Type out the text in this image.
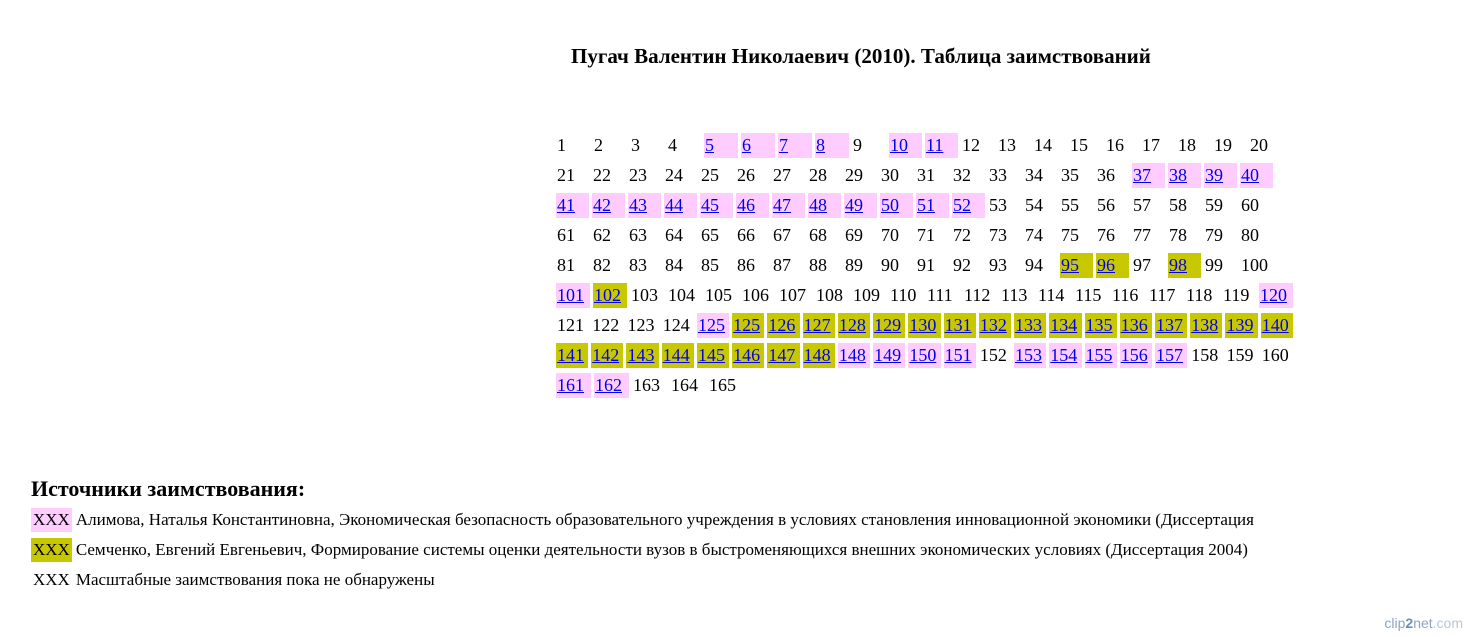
Пугач Валентин Николаевич (2010). Таблица заимствований
1	2	3	4	5	6	7	8	9	10	11	12	13	14	15	16	17	18	19	20
21	22	23	24	25	26	27	28	29	30	31	32	33	34	35	36	37	38	39	40
41	42	43	44	45	46	47	48	49	50	51	52	53	54	55	56	57	58	59	60
61	62	63	64	65	66	67	68	69	70	71	72	73	74	75	76	77	78	79	80
81	82	83	84	85	86	87	88	89	90	91	92	93	94	95	96	97	98	99	100
101 102 103 104 105 106 107 108 109 110 111 112 113 114 115 116 117 118 119 120
121 122 123 124 125 125 126 127 128 129 130 131 132 133 134 135 136 137 138 139 140
141 142 143 144 145 146 147 148 148 149 150 151 152 153 154 155 156 157 158 159 160
161 162 163 164 165
Источники заимствования:
XXX Алимова, Наталья Константиновна, Экономическая безопасность образовательного учреждения в условиях становления инновационной экономики (Диссертация
XXX Семченко, Евгений Евгеньевич, Формирование системы оценки деятельности вузов в быстроменяющихся внешних экономических условиях (Диссертация 2004)
XXX Масштабные заимствования пока не обнаружены
clip2net.com
